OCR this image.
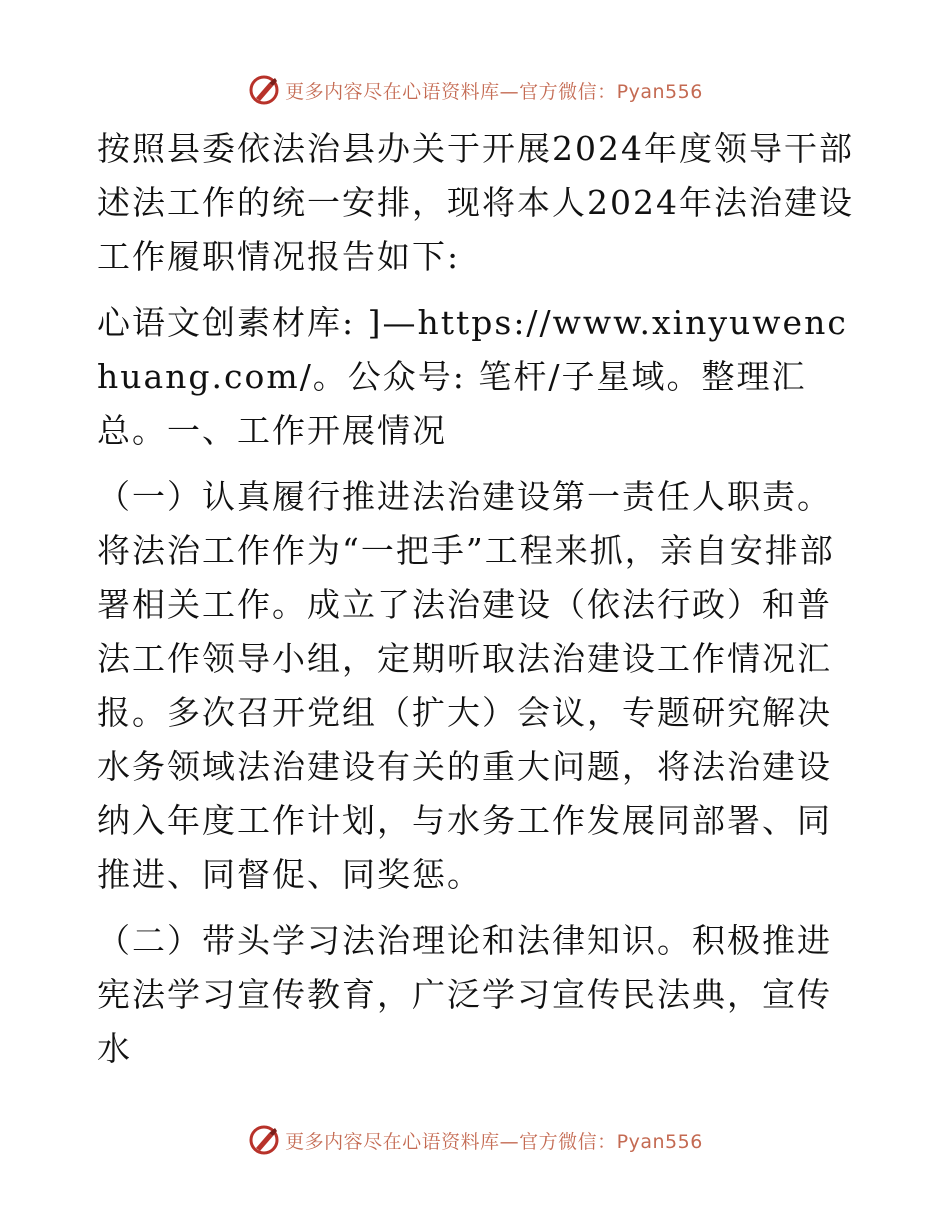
更多内容尽在心语资料库—官方微信：Pyan556

按照县委依法治县办关于开展2024年度领导干部述法工作的统一安排，现将本人2024年法治建设工作履职情况报告如下:

心语文创素材库: ]—https://www.xinyuwenchuang.com/。公众号: 笔杆/子星域。整理汇总。一、工作开展情况

（一）认真履行推进法治建设第一责任人职责。将法治工作作为“一把手”工程来抓，亲自安排部署相关工作。成立了法治建设（依法行政）和普法工作领导小组，定期听取法治建设工作情况汇报。多次召开党组（扩大）会议，专题研究解决水务领域法治建设有关的重大问题，将法治建设纳入年度工作计划，与水务工作发展同部署、同推进、同督促、同奖惩。

（二）带头学习法治理论和法律知识。积极推进宪法学习宣传教育，广泛学习宣传民法典，宣传水

更多内容尽在心语资料库—官方微信：Pyan556
